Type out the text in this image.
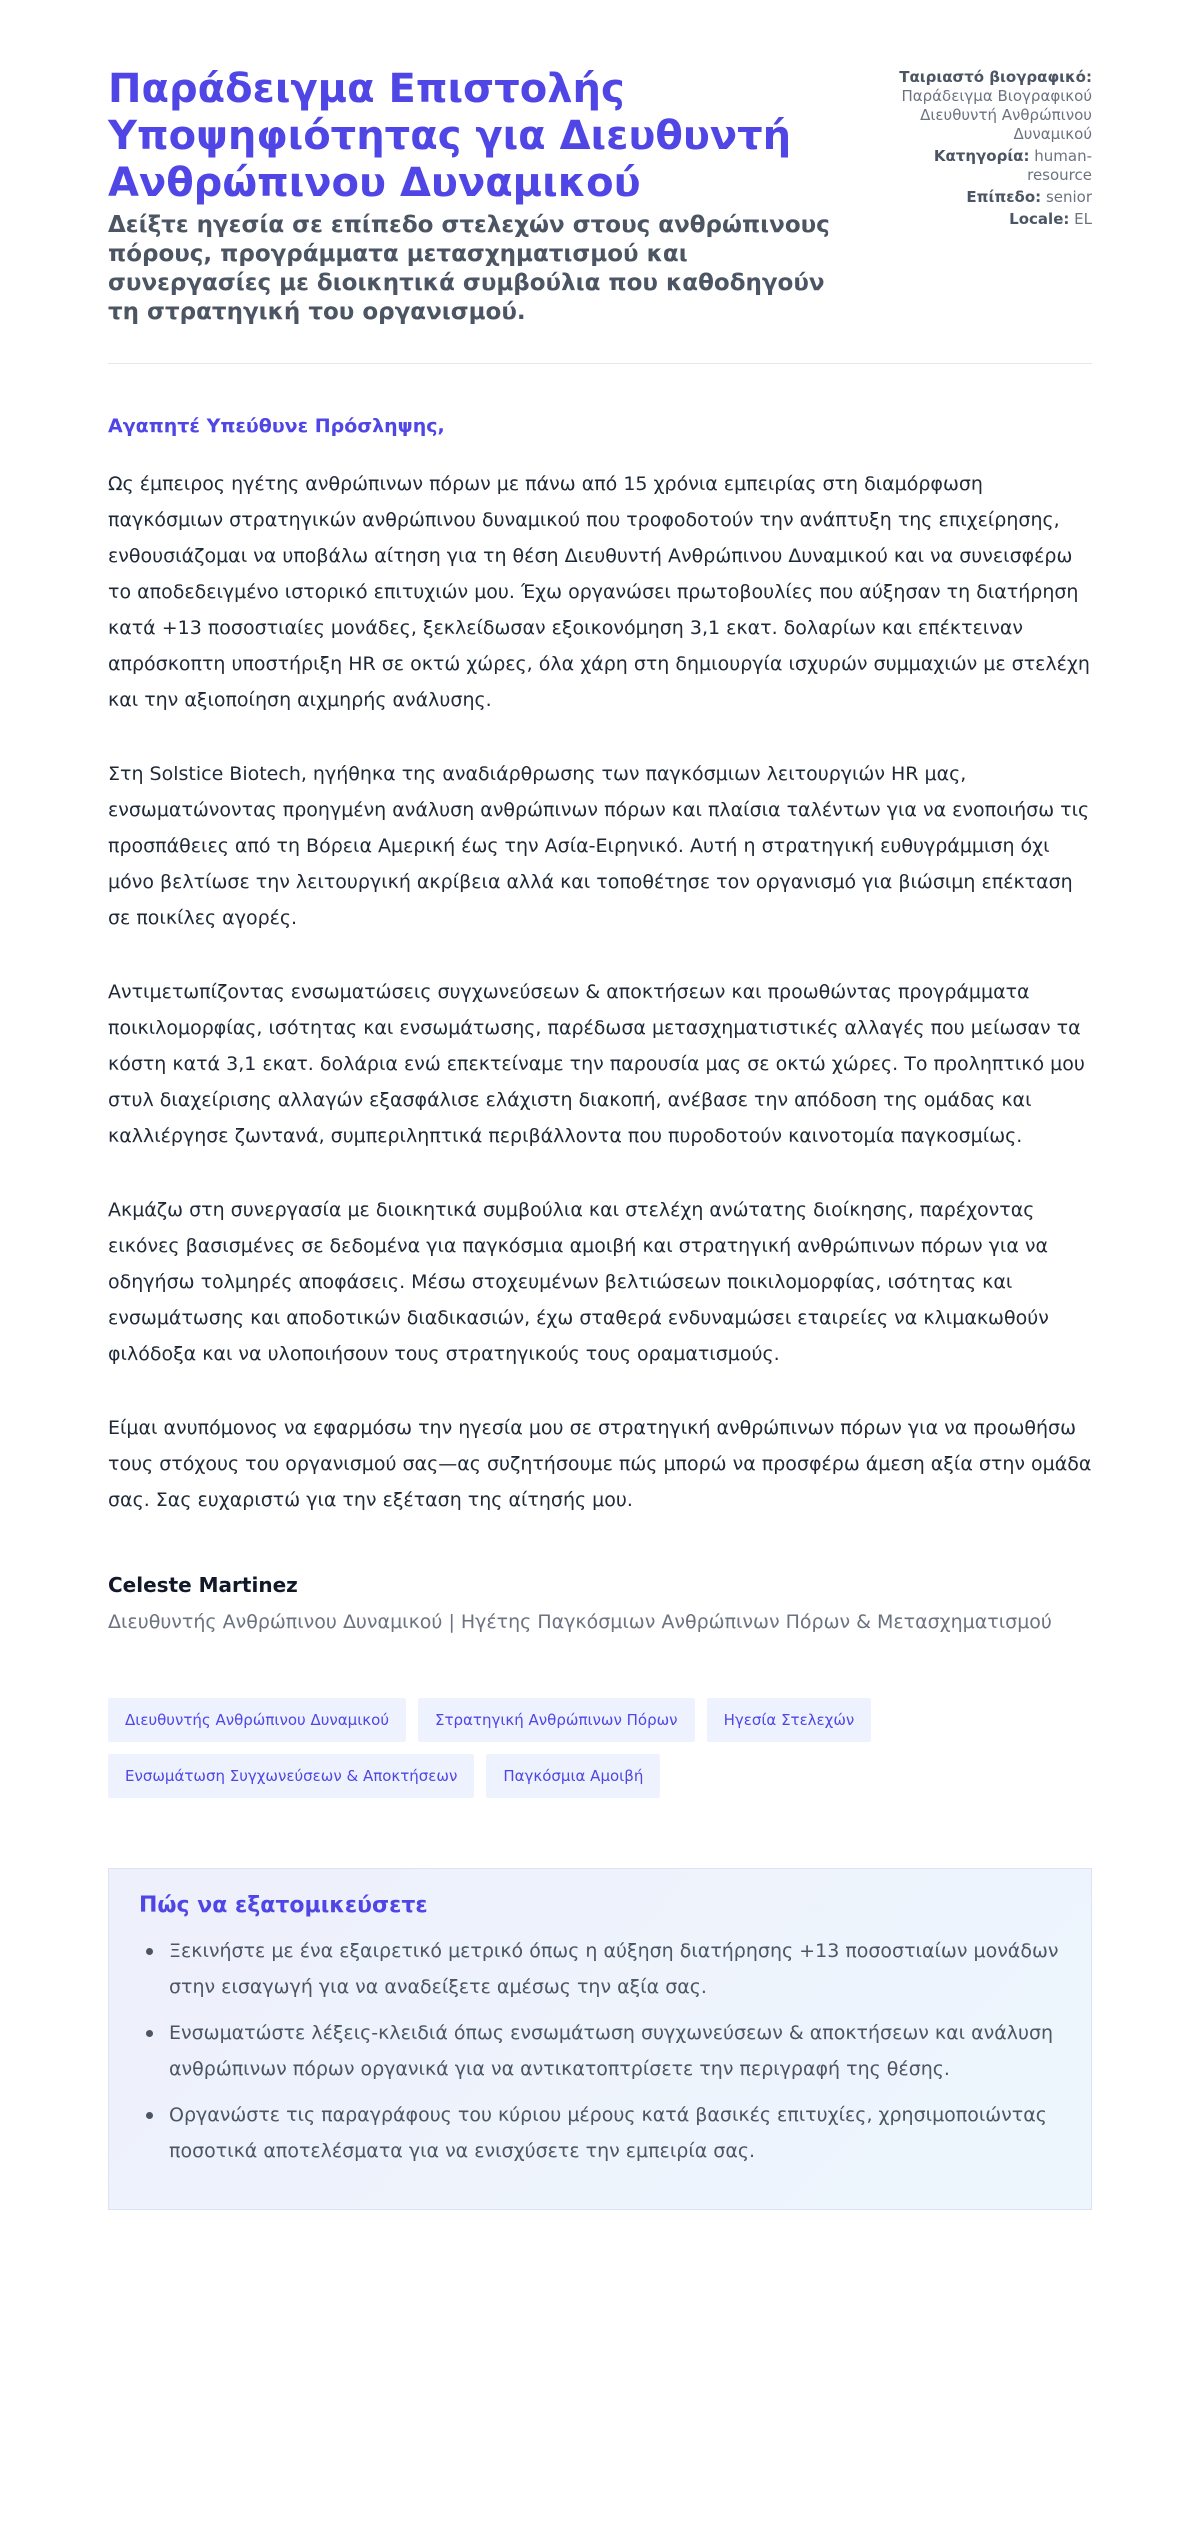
Παράδειγμα Επιστολής Υποψηφιότητας για Διευθυντή Ανθρώπινου Δυναμικού
Δείξτε ηγεσία σε επίπεδο στελεχών στους ανθρώπινους πόρους, προγράμματα μετασχηματισμού και συνεργασίες με διοικητικά συμβούλια που καθοδηγούν τη στρατηγική του οργανισμού.
Ταιριαστό βιογραφικό: Παράδειγμα Βιογραφικού Διευθυντή Ανθρώπινου Δυναμικού
Κατηγορία: human-resource
Επίπεδο: senior
Locale: EL
Αγαπητέ Υπεύθυνε Πρόσληψης,

Ως έμπειρος ηγέτης ανθρώπινων πόρων με πάνω από 15 χρόνια εμπειρίας στη διαμόρφωση παγκόσμιων στρατηγικών ανθρώπινου δυναμικού που τροφοδοτούν την ανάπτυξη της επιχείρησης, ενθουσιάζομαι να υποβάλω αίτηση για τη θέση Διευθυντή Ανθρώπινου Δυναμικού και να συνεισφέρω το αποδεδειγμένο ιστορικό επιτυχιών μου. Έχω οργανώσει πρωτοβουλίες που αύξησαν τη διατήρηση κατά +13 ποσοστιαίες μονάδες, ξεκλείδωσαν εξοικονόμηση 3,1 εκατ. δολαρίων και επέκτειναν απρόσκοπτη υποστήριξη HR σε οκτώ χώρες, όλα χάρη στη δημιουργία ισχυρών συμμαχιών με στελέχη και την αξιοποίηση αιχμηρής ανάλυσης.

Στη Solstice Biotech, ηγήθηκα της αναδιάρθρωσης των παγκόσμιων λειτουργιών HR μας, ενσωματώνοντας προηγμένη ανάλυση ανθρώπινων πόρων και πλαίσια ταλέντων για να ενοποιήσω τις προσπάθειες από τη Βόρεια Αμερική έως την Ασία-Ειρηνικό. Αυτή η στρατηγική ευθυγράμμιση όχι μόνο βελτίωσε την λειτουργική ακρίβεια αλλά και τοποθέτησε τον οργανισμό για βιώσιμη επέκταση σε ποικίλες αγορές.

Αντιμετωπίζοντας ενσωματώσεις συγχωνεύσεων & αποκτήσεων και προωθώντας προγράμματα ποικιλομορφίας, ισότητας και ενσωμάτωσης, παρέδωσα μετασχηματιστικές αλλαγές που μείωσαν τα κόστη κατά 3,1 εκατ. δολάρια ενώ επεκτείναμε την παρουσία μας σε οκτώ χώρες. Το προληπτικό μου στυλ διαχείρισης αλλαγών εξασφάλισε ελάχιστη διακοπή, ανέβασε την απόδοση της ομάδας και καλλιέργησε ζωντανά, συμπεριληπτικά περιβάλλοντα που πυροδοτούν καινοτομία παγκοσμίως.

Ακμάζω στη συνεργασία με διοικητικά συμβούλια και στελέχη ανώτατης διοίκησης, παρέχοντας εικόνες βασισμένες σε δεδομένα για παγκόσμια αμοιβή και στρατηγική ανθρώπινων πόρων για να οδηγήσω τολμηρές αποφάσεις. Μέσω στοχευμένων βελτιώσεων ποικιλομορφίας, ισότητας και ενσωμάτωσης και αποδοτικών διαδικασιών, έχω σταθερά ενδυναμώσει εταιρείες να κλιμακωθούν φιλόδοξα και να υλοποιήσουν τους στρατηγικούς τους οραματισμούς.

Είμαι ανυπόμονος να εφαρμόσω την ηγεσία μου σε στρατηγική ανθρώπινων πόρων για να προωθήσω τους στόχους του οργανισμού σας—ας συζητήσουμε πώς μπορώ να προσφέρω άμεση αξία στην ομάδα σας. Σας ευχαριστώ για την εξέταση της αίτησής μου.

Celeste Martinez
Διευθυντής Ανθρώπινου Δυναμικού | Ηγέτης Παγκόσμιων Ανθρώπινων Πόρων & Μετασχηματισμού
Διευθυντής Ανθρώπινου Δυναμικού	Στρατηγική Ανθρώπινων Πόρων	Ηγεσία Στελεχών
Ενσωμάτωση Συγχωνεύσεων & Αποκτήσεων	Παγκόσμια Αμοιβή
Πώς να εξατομικεύσετε
Ξεκινήστε με ένα εξαιρετικό μετρικό όπως η αύξηση διατήρησης +13 ποσοστιαίων μονάδων στην εισαγωγή για να αναδείξετε αμέσως την αξία σας.
Ενσωματώστε λέξεις-κλειδιά όπως ενσωμάτωση συγχωνεύσεων & αποκτήσεων και ανάλυση ανθρώπινων πόρων οργανικά για να αντικατοπτρίσετε την περιγραφή της θέσης.
Οργανώστε τις παραγράφους του κύριου μέρους κατά βασικές επιτυχίες, χρησιμοποιώντας ποσοτικά αποτελέσματα για να ενισχύσετε την εμπειρία σας.
